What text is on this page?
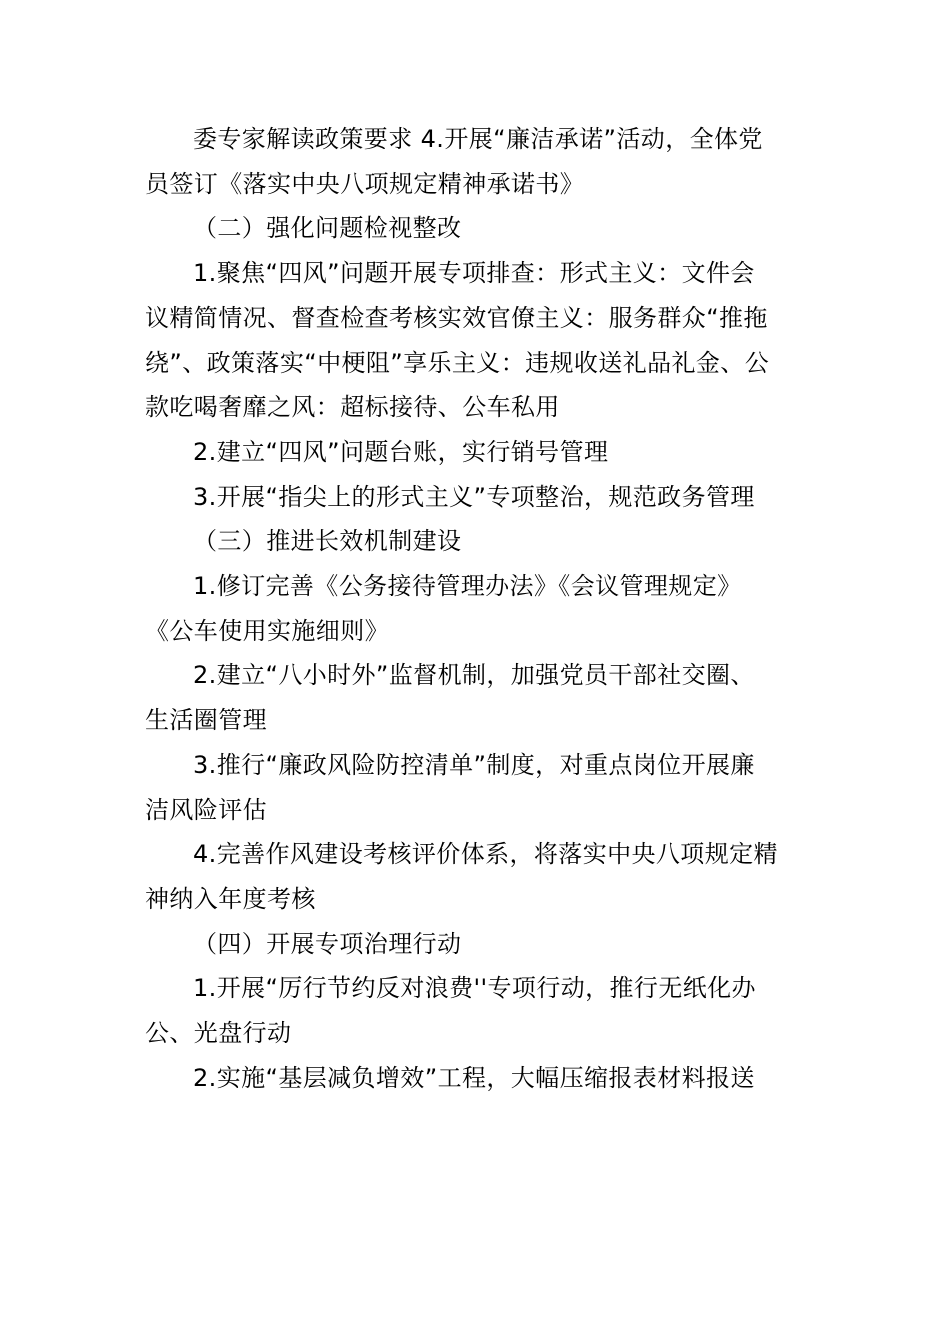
委专家解读政策要求 4.开展“廉洁承诺”活动，全体党
员签订《落实中央八项规定精神承诺书》

（二）强化问题检视整改

1.聚焦“四风”问题开展专项排查：形式主义：文件会
议精简情况、督查检查考核实效官僚主义：服务群众“推拖
绕”、政策落实“中梗阻”享乐主义：违规收送礼品礼金、公
款吃喝奢靡之风：超标接待、公车私用

2.建立“四风”问题台账，实行销号管理

3.开展“指尖上的形式主义”专项整治，规范政务管理

（三）推进长效机制建设

1.修订完善《公务接待管理办法》《会议管理规定》
《公车使用实施细则》

2.建立“八小时外”监督机制，加强党员干部社交圈、
生活圈管理

3.推行“廉政风险防控清单”制度，对重点岗位开展廉
洁风险评估

4.完善作风建设考核评价体系，将落实中央八项规定精
神纳入年度考核

（四）开展专项治理行动

1.开展“厉行节约反对浪费''专项行动，推行无纸化办
公、光盘行动

2.实施“基层减负增效”工程，大幅压缩报表材料报送
